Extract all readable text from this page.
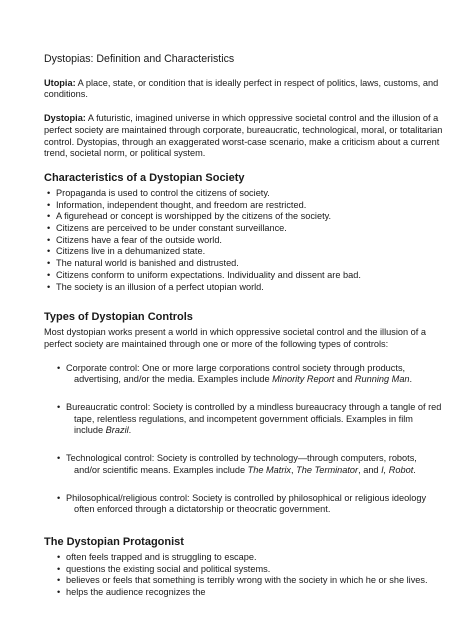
Dystopias: Definition and Characteristics

Utopia: A place, state, or condition that is ideally perfect in respect of politics, laws, customs, and conditions.

Dystopia: A futuristic, imagined universe in which oppressive societal control and the illusion of a perfect society are maintained through corporate, bureaucratic, technological, moral, or totalitarian control. Dystopias, through an exaggerated worst-case scenario, make a criticism about a current trend, societal norm, or political system.

Characteristics of a Dystopian Society
• Propaganda is used to control the citizens of society.
• Information, independent thought, and freedom are restricted.
• A figurehead or concept is worshipped by the citizens of the society.
• Citizens are perceived to be under constant surveillance.
• Citizens have a fear of the outside world.
• Citizens live in a dehumanized state.
• The natural world is banished and distrusted.
• Citizens conform to uniform expectations. Individuality and dissent are bad.
• The society is an illusion of a perfect utopian world.
Types of Dystopian Controls

Most dystopian works present a world in which oppressive societal control and the illusion of a perfect society are maintained through one or more of the following types of controls:

• Corporate control: One or more large corporations control society through products, advertising, and/or the media. Examples include Minority Report and Running Man.
• Bureaucratic control: Society is controlled by a mindless bureaucracy through a tangle of red tape, relentless regulations, and incompetent government officials. Examples in film include Brazil.
• Technological control: Society is controlled by technology—through computers, robots, and/or scientific means. Examples include The Matrix, The Terminator, and I, Robot.
• Philosophical/religious control: Society is controlled by philosophical or religious ideology often enforced through a dictatorship or theocratic government.
The Dystopian Protagonist
• often feels trapped and is struggling to escape.
• questions the existing social and political systems.
• believes or feels that something is terribly wrong with the society in which he or she lives.
• helps the audience recognizes the
